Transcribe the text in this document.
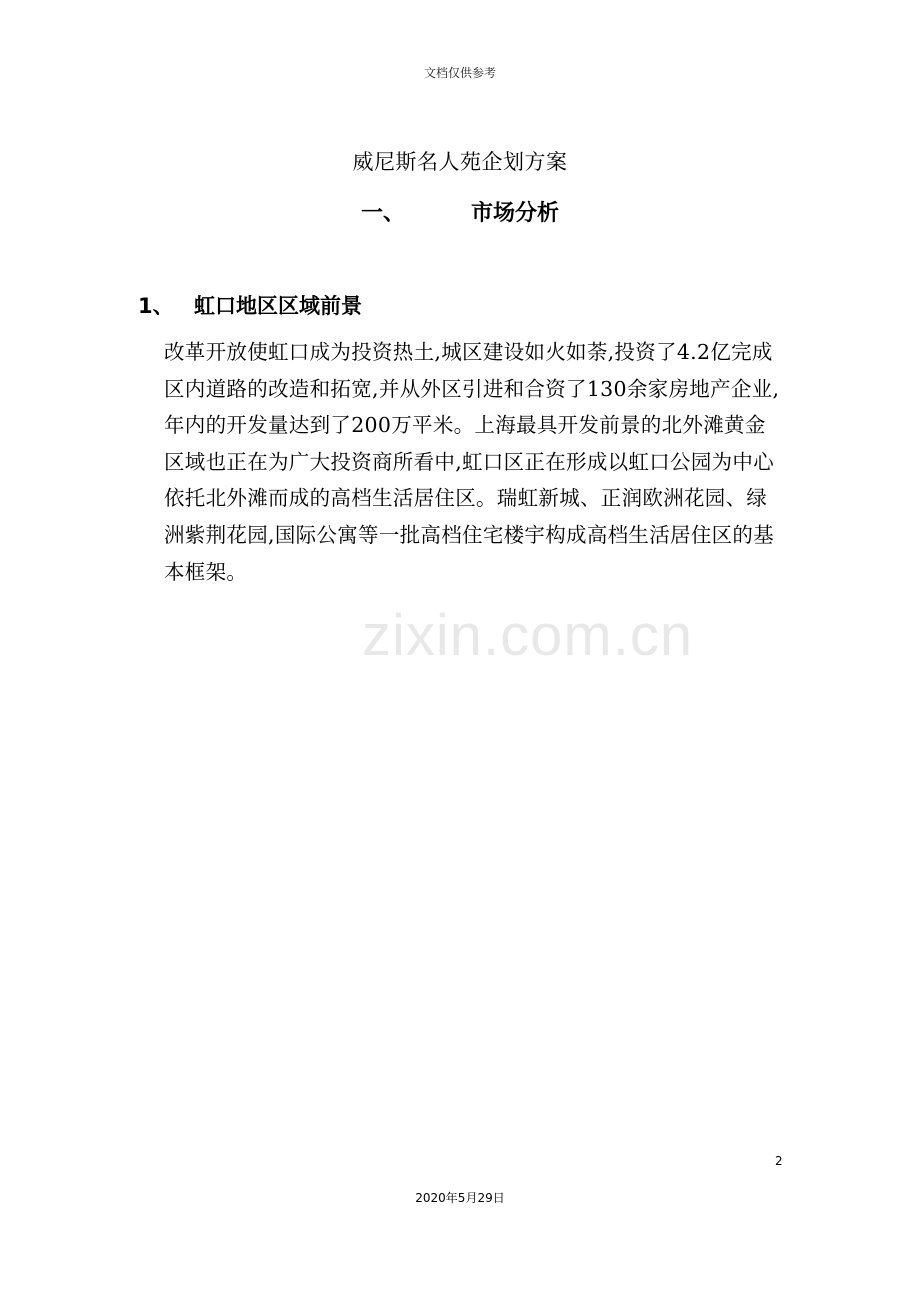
文档仅供参考
威尼斯名人苑企划方案
一、	市场分析
1、 虹口地区区域前景

改革开放使虹口成为投资热土,城区建设如火如荼,投资了4.2亿完成区内道路的改造和拓宽,并从外区引进和合资了130余家房地产企业,年内的开发量达到了200万平米。上海最具开发前景的北外滩黄金区域也正在为广大投资商所看中,虹口区正在形成以虹口公园为中心依托北外滩而成的高档生活居住区。瑞虹新城、正润欧洲花园、绿洲紫荆花园,国际公寓等一批高档住宅楼宇构成高档生活居住区的基本框架。

zixin.com.cn
2
2020年5月29日
